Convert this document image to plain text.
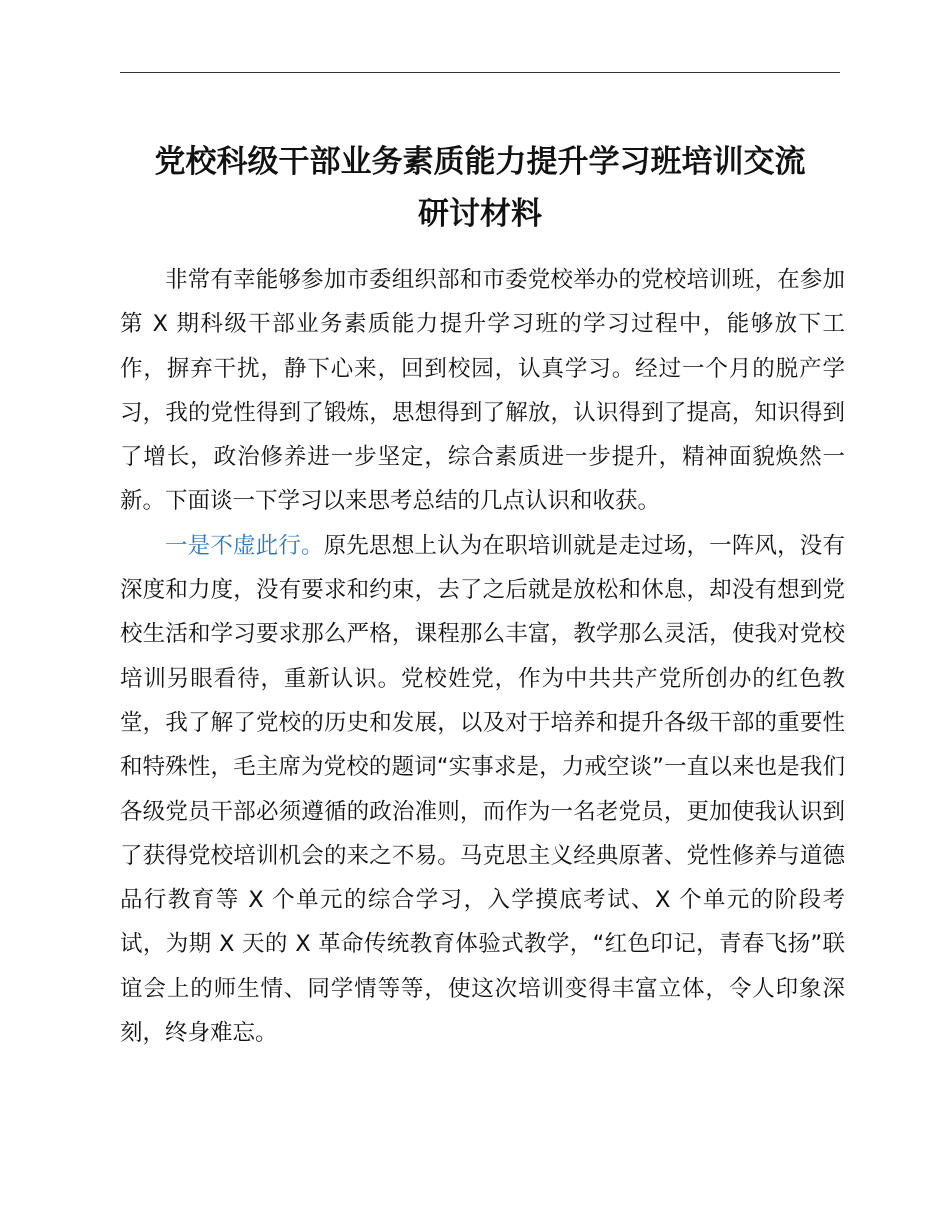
党校科级干部业务素质能力提升学习班培训交流
研讨材料

非常有幸能够参加市委组织部和市委党校举办的党校培训班，在参加第 X 期科级干部业务素质能力提升学习班的学习过程中，能够放下工作，摒弃干扰，静下心来，回到校园，认真学习。经过一个月的脱产学习，我的党性得到了锻炼，思想得到了解放，认识得到了提高，知识得到了增长，政治修养进一步坚定，综合素质进一步提升，精神面貌焕然一新。下面谈一下学习以来思考总结的几点认识和收获。

一是不虚此行。原先思想上认为在职培训就是走过场，一阵风，没有深度和力度，没有要求和约束，去了之后就是放松和休息，却没有想到党校生活和学习要求那么严格，课程那么丰富，教学那么灵活，使我对党校培训另眼看待，重新认识。党校姓党，作为中共共产党所创办的红色教堂，我了解了党校的历史和发展，以及对于培养和提升各级干部的重要性和特殊性，毛主席为党校的题词“实事求是，力戒空谈”一直以来也是我们各级党员干部必须遵循的政治准则，而作为一名老党员，更加使我认识到了获得党校培训机会的来之不易。马克思主义经典原著、党性修养与道德品行教育等 X 个单元的综合学习，入学摸底考试、X 个单元的阶段考试，为期 X 天的 X 革命传统教育体验式教学，“红色印记，青春飞扬”联谊会上的师生情、同学情等等，使这次培训变得丰富立体，令人印象深刻，终身难忘。
